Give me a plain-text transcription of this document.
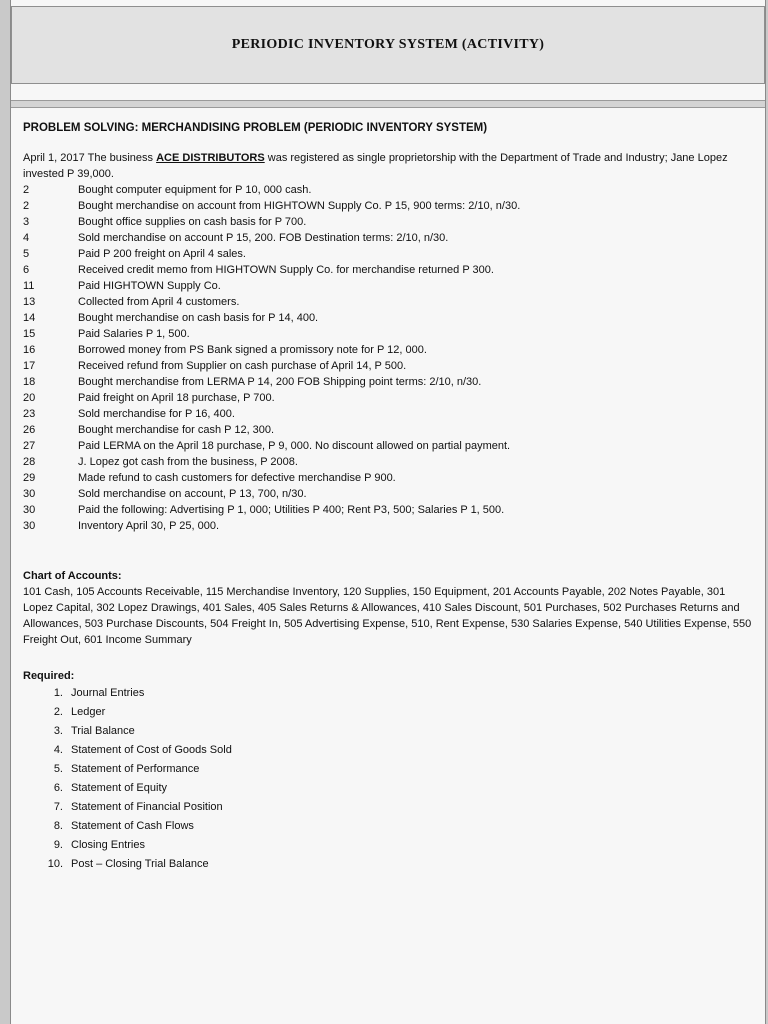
PERIODIC INVENTORY SYSTEM (ACTIVITY)
PROBLEM SOLVING: MERCHANDISING PROBLEM (PERIODIC INVENTORY SYSTEM)

April 1, 2017 The business ACE DISTRIBUTORS was registered as single proprietorship with the Department of Trade and Industry; Jane Lopez invested P 39,000.

2	Bought computer equipment for P 10, 000 cash.
2	Bought merchandise on account from HIGHTOWN Supply Co. P 15, 900 terms: 2/10, n/30.
3	Bought office supplies on cash basis for P 700.
4	Sold merchandise on account P 15, 200. FOB Destination terms: 2/10, n/30.
5	Paid P 200 freight on April 4 sales.
6	Received credit memo from HIGHTOWN Supply Co. for merchandise returned P 300.
11	Paid HIGHTOWN Supply Co.
13	Collected from April 4 customers.
14	Bought merchandise on cash basis for P 14, 400.
15	Paid Salaries P 1, 500.
16	Borrowed money from PS Bank signed a promissory note for P 12, 000.
17	Received refund from Supplier on cash purchase of April 14, P 500.
18	Bought merchandise from LERMA P 14, 200 FOB Shipping point terms: 2/10, n/30.
20	Paid freight on April 18 purchase, P 700.
23	Sold merchandise for P 16, 400.
26	Bought merchandise for cash P 12, 300.
27	Paid LERMA on the April 18 purchase, P 9, 000. No discount allowed on partial payment.
28	J. Lopez got cash from the business, P 2008.
29	Made refund to cash customers for defective merchandise P 900.
30	Sold merchandise on account, P 13, 700, n/30.
30	Paid the following: Advertising P 1, 000; Utilities P 400; Rent P3, 500; Salaries P 1, 500.
30	Inventory April 30, P 25, 000.
Chart of Accounts:

101 Cash, 105 Accounts Receivable, 115 Merchandise Inventory, 120 Supplies, 150 Equipment, 201 Accounts Payable, 202 Notes Payable, 301 Lopez Capital, 302 Lopez Drawings, 401 Sales, 405 Sales Returns & Allowances, 410 Sales Discount, 501 Purchases, 502 Purchases Returns and Allowances, 503 Purchase Discounts, 504 Freight In, 505 Advertising Expense, 510, Rent Expense, 530 Salaries Expense, 540 Utilities Expense, 550 Freight Out, 601 Income Summary

Required:
1. Journal Entries
2. Ledger
3. Trial Balance
4. Statement of Cost of Goods Sold
5. Statement of Performance
6. Statement of Equity
7. Statement of Financial Position
8. Statement of Cash Flows
9. Closing Entries
10. Post – Closing Trial Balance
